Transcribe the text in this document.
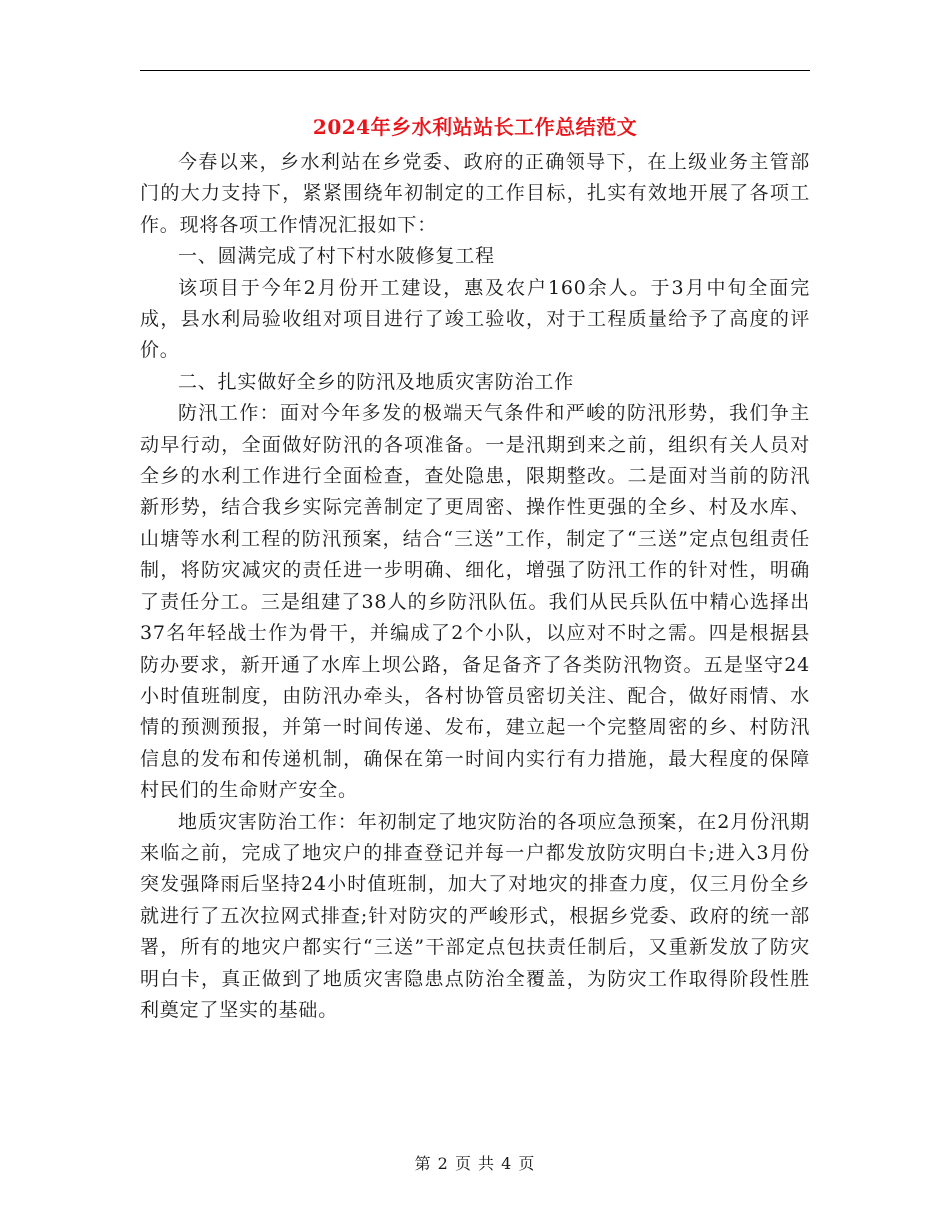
2024年乡水利站站长工作总结范文

今春以来，乡水利站在乡党委、政府的正确领导下，在上级业务主管部门的大力支持下，紧紧围绕年初制定的工作目标，扎实有效地开展了各项工作。现将各项工作情况汇报如下：

一、圆满完成了村下村水陂修复工程

该项目于今年2月份开工建设，惠及农户160余人。于3月中旬全面完成，县水利局验收组对项目进行了竣工验收，对于工程质量给予了高度的评价。

二、扎实做好全乡的防汛及地质灾害防治工作

防汛工作：面对今年多发的极端天气条件和严峻的防汛形势，我们争主动早行动，全面做好防汛的各项准备。一是汛期到来之前，组织有关人员对全乡的水利工作进行全面检查，查处隐患，限期整改。二是面对当前的防汛新形势，结合我乡实际完善制定了更周密、操作性更强的全乡、村及水库、山塘等水利工程的防汛预案，结合“三送”工作，制定了“三送”定点包组责任制，将防灾减灾的责任进一步明确、细化，增强了防汛工作的针对性，明确了责任分工。三是组建了38人的乡防汛队伍。我们从民兵队伍中精心选择出37名年轻战士作为骨干，并编成了2个小队，以应对不时之需。四是根据县防办要求，新开通了水库上坝公路，备足备齐了各类防汛物资。五是坚守24小时值班制度，由防汛办牵头，各村协管员密切关注、配合，做好雨情、水情的预测预报，并第一时间传递、发布，建立起一个完整周密的乡、村防汛信息的发布和传递机制，确保在第一时间内实行有力措施，最大程度的保障村民们的生命财产安全。

地质灾害防治工作：年初制定了地灾防治的各项应急预案，在2月份汛期来临之前，完成了地灾户的排查登记并每一户都发放防灾明白卡;进入3月份突发强降雨后坚持24小时值班制，加大了对地灾的排查力度，仅三月份全乡就进行了五次拉网式排查;针对防灾的严峻形式，根据乡党委、政府的统一部署，所有的地灾户都实行“三送”干部定点包扶责任制后，又重新发放了防灾明白卡，真正做到了地质灾害隐患点防治全覆盖，为防灾工作取得阶段性胜利奠定了坚实的基础。

第 2 页 共 4 页
